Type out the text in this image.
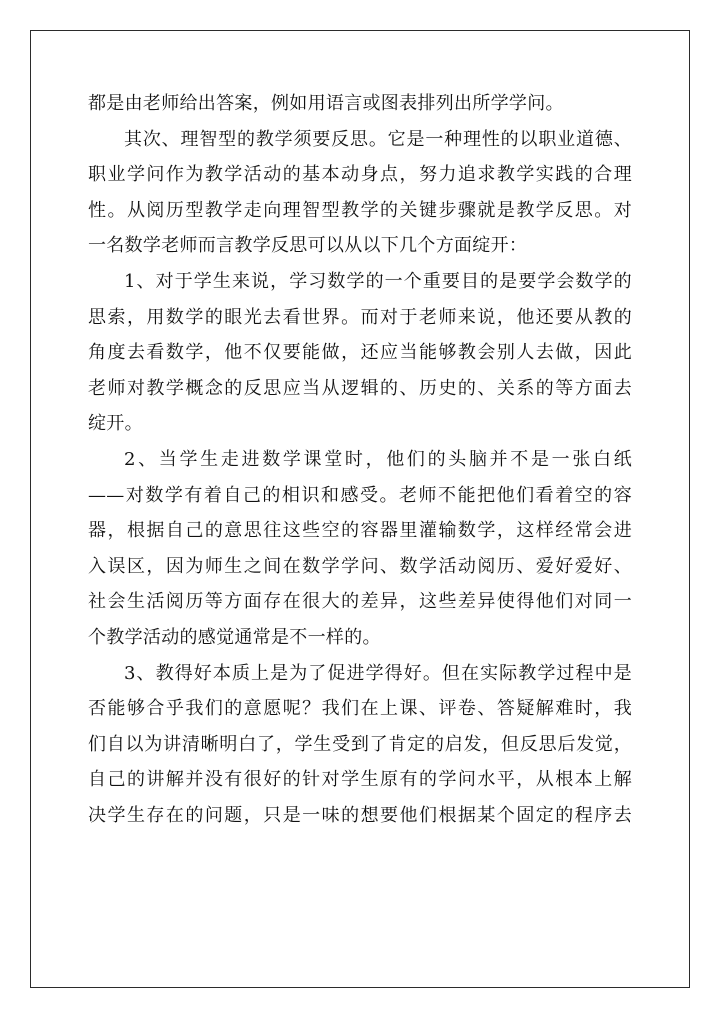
都是由老师给出答案，例如用语言或图表排列出所学学问。

其次、理智型的教学须要反思。它是一种理性的以职业道德、

职业学问作为教学活动的基本动身点，努力追求教学实践的合理

性。从阅历型教学走向理智型教学的关键步骤就是教学反思。对

一名数学老师而言教学反思可以从以下几个方面绽开：

1、对于学生来说，学习数学的一个重要目的是要学会数学的

思索，用数学的眼光去看世界。而对于老师来说，他还要从教的

角度去看数学，他不仅要能做，还应当能够教会别人去做，因此

老师对教学概念的反思应当从逻辑的、历史的、关系的等方面去

绽开。

2、当学生走进数学课堂时，他们的头脑并不是一张白纸

——对数学有着自己的相识和感受。老师不能把他们看着空的容

器，根据自己的意思往这些空的容器里灌输数学，这样经常会进

入误区，因为师生之间在数学学问、数学活动阅历、爱好爱好、

社会生活阅历等方面存在很大的差异，这些差异使得他们对同一

个教学活动的感觉通常是不一样的。

3、教得好本质上是为了促进学得好。但在实际教学过程中是

否能够合乎我们的意愿呢？我们在上课、评卷、答疑解难时，我

们自以为讲清晰明白了，学生受到了肯定的启发，但反思后发觉，

自己的讲解并没有很好的针对学生原有的学问水平，从根本上解

决学生存在的问题，只是一味的想要他们根据某个固定的程序去
